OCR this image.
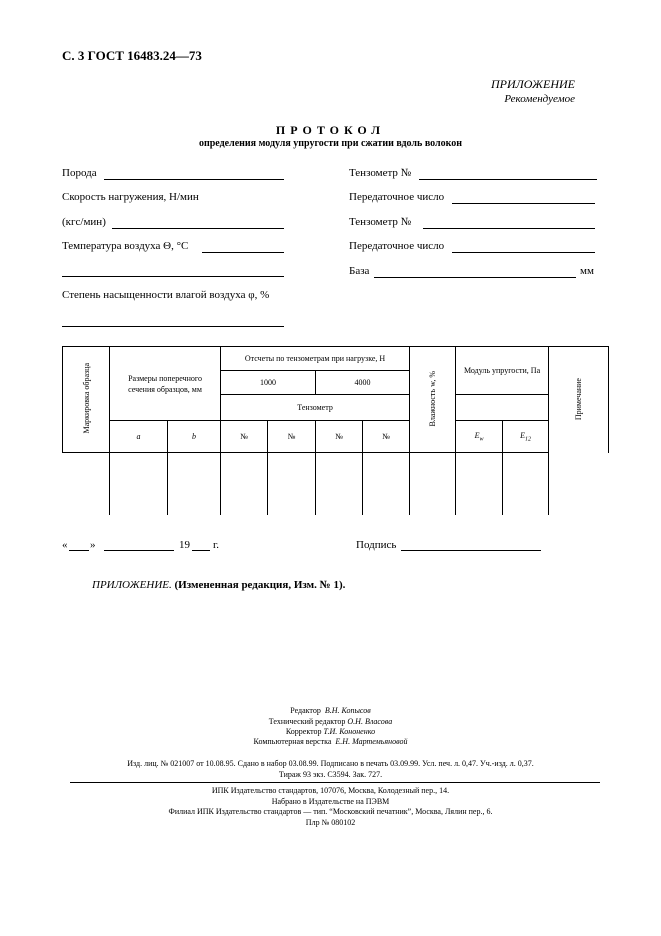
С. 3 ГОСТ 16483.24—73
ПРИЛОЖЕНИЕ
Рекомендуемое
ПРОТОКОЛ
определения модуля упругости при сжатии вдоль волокон
Порода
Скорость нагружения, Н/мин
(кгс/мин)
Температура воздуха Θ, °С
Степень насыщенности влагой воздуха φ, %
Тензометр №
Передаточное число
Тензометр №
Передаточное число
База	мм
Маркировка образца	Размеры поперечного сечения образцов, мм		Отсчеты по тензометрам при нагрузке, Н				Влажность w, %	Модуль упругости, Па		Примечание
			1000		4000					
			Тензометр							
	a	b	№	№	№	№		$E_w$	$E_{12}$

« »	19 г.	Подпись
ПРИЛОЖЕНИЕ. (Измененная редакция, Изм. № 1).
Редактор В.Н. Копысов
Технический редактор О.Н. Власова
Корректор Т.И. Кононенко
Компьютерная верстка Е.Н. Мартемьяновой
Изд. лиц. № 021007 от 10.08.95. Сдано в набор 03.08.99. Подписано в печать 03.09.99. Усл. печ. л. 0,47. Уч.-изд. л. 0,37.
Тираж 93 экз. С3594. Зак. 727.
ИПК Издательство стандартов, 107076, Москва, Колодезный пер., 14.
Набрано в Издательстве на ПЭВМ
Филиал ИПК Издательство стандартов — тип. “Московский печатник”, Москва, Лялин пер., 6.
Плр № 080102
